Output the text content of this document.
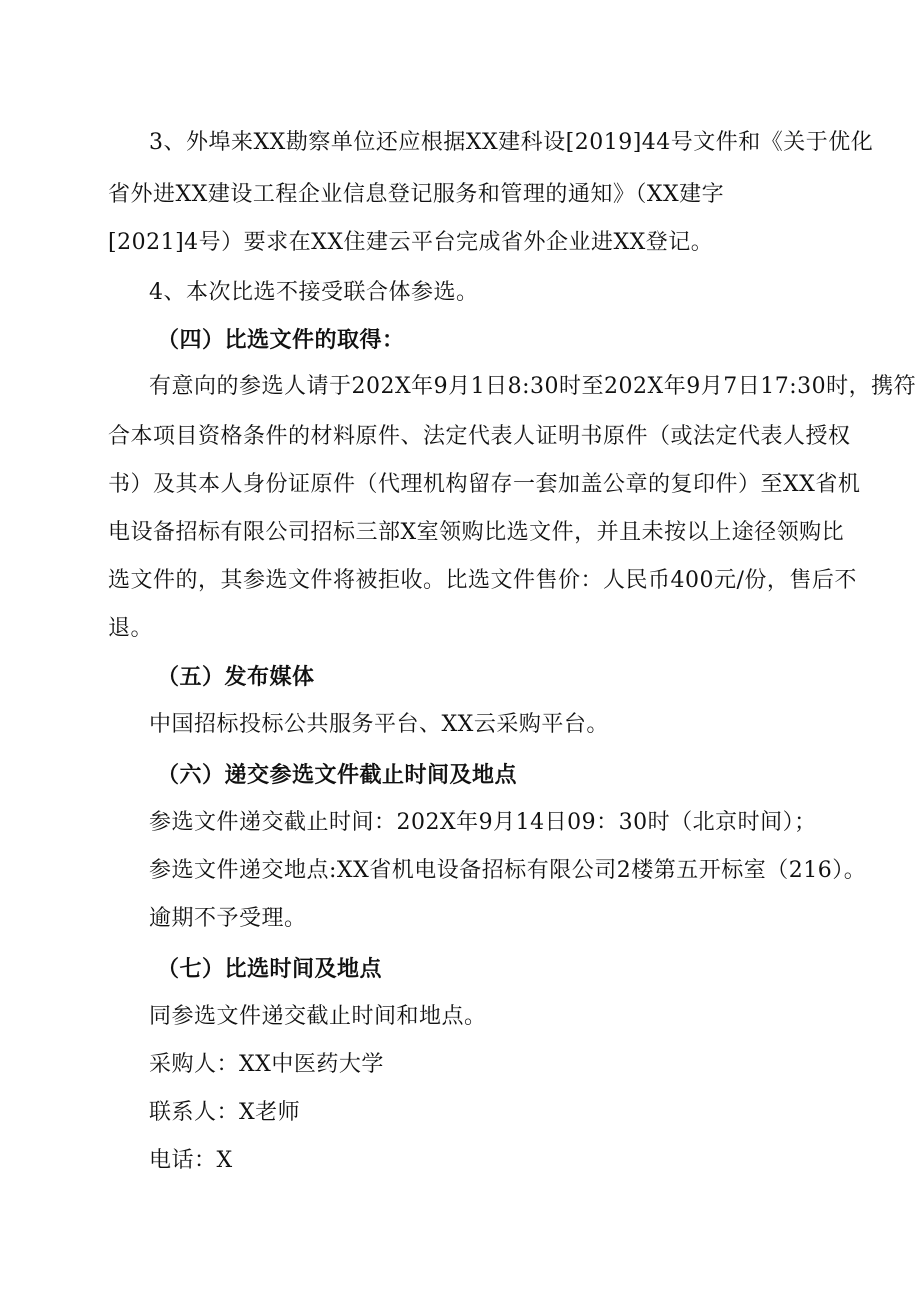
3、外埠来XX勘察单位还应根据XX建科设[2019]44号文件和《关于优化

省外进XX建设工程企业信息登记服务和管理的通知》（XX建字

[2021]4号）要求在XX住建云平台完成省外企业进XX登记。

4、本次比选不接受联合体参选。

（四）比选文件的取得：

有意向的参选人请于202X年9月1日8:30时至202X年9月7日17:30时，携符

合本项目资格条件的材料原件、法定代表人证明书原件（或法定代表人授权

书）及其本人身份证原件（代理机构留存一套加盖公章的复印件）至XX省机

电设备招标有限公司招标三部X室领购比选文件，并且未按以上途径领购比

选文件的，其参选文件将被拒收。比选文件售价：人民币400元/份，售后不

退。

（五）发布媒体

中国招标投标公共服务平台、XX云采购平台。

（六）递交参选文件截止时间及地点

参选文件递交截止时间：202X年9月14日09：30时（北京时间）；

参选文件递交地点:XX省机电设备招标有限公司2楼第五开标室（216）。

逾期不予受理。

（七）比选时间及地点

同参选文件递交截止时间和地点。

采购人：XX中医药大学

联系人：X老师

电话：X
